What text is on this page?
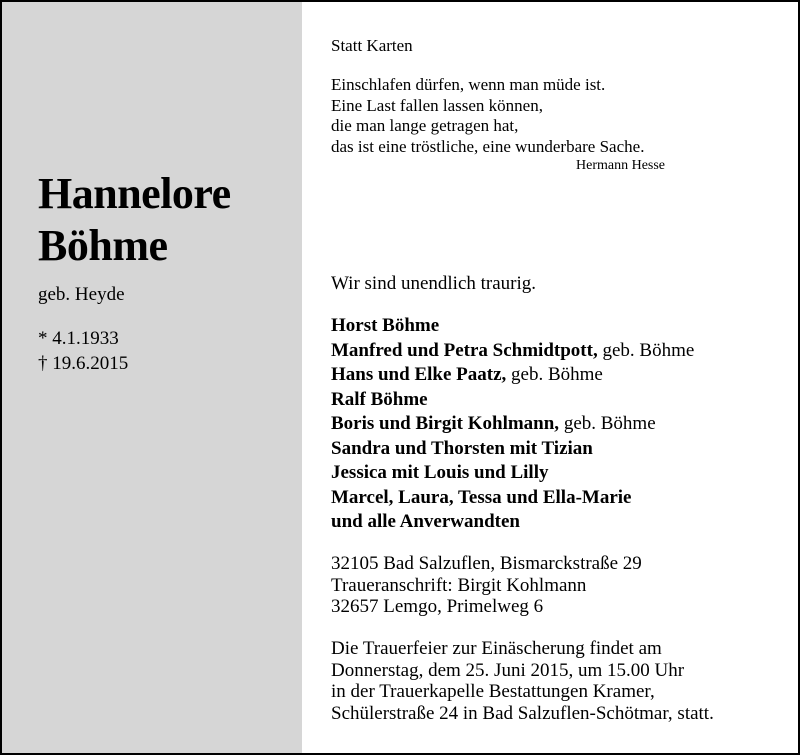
Hannelore
Böhme
geb. Heyde
* 4.1.1933
† 19.6.2015
Statt Karten
Einschlafen dürfen, wenn man müde ist.
Eine Last fallen lassen können,
die man lange getragen hat,
das ist eine tröstliche, eine wunderbare Sache.
Hermann Hesse
Wir sind unendlich traurig.
Horst Böhme
Manfred und Petra Schmidtpott, geb. Böhme
Hans und Elke Paatz, geb. Böhme
Ralf Böhme
Boris und Birgit Kohlmann, geb. Böhme
Sandra und Thorsten mit Tizian
Jessica mit Louis und Lilly
Marcel, Laura, Tessa und Ella-Marie
und alle Anverwandten
32105 Bad Salzuflen, Bismarckstraße 29
Traueranschrift: Birgit Kohlmann
32657 Lemgo, Primelweg 6
Die Trauerfeier zur Einäscherung findet am
Donnerstag, dem 25. Juni 2015, um 15.00 Uhr
in der Trauerkapelle Bestattungen Kramer,
Schülerstraße 24 in Bad Salzuflen-Schötmar, statt.
